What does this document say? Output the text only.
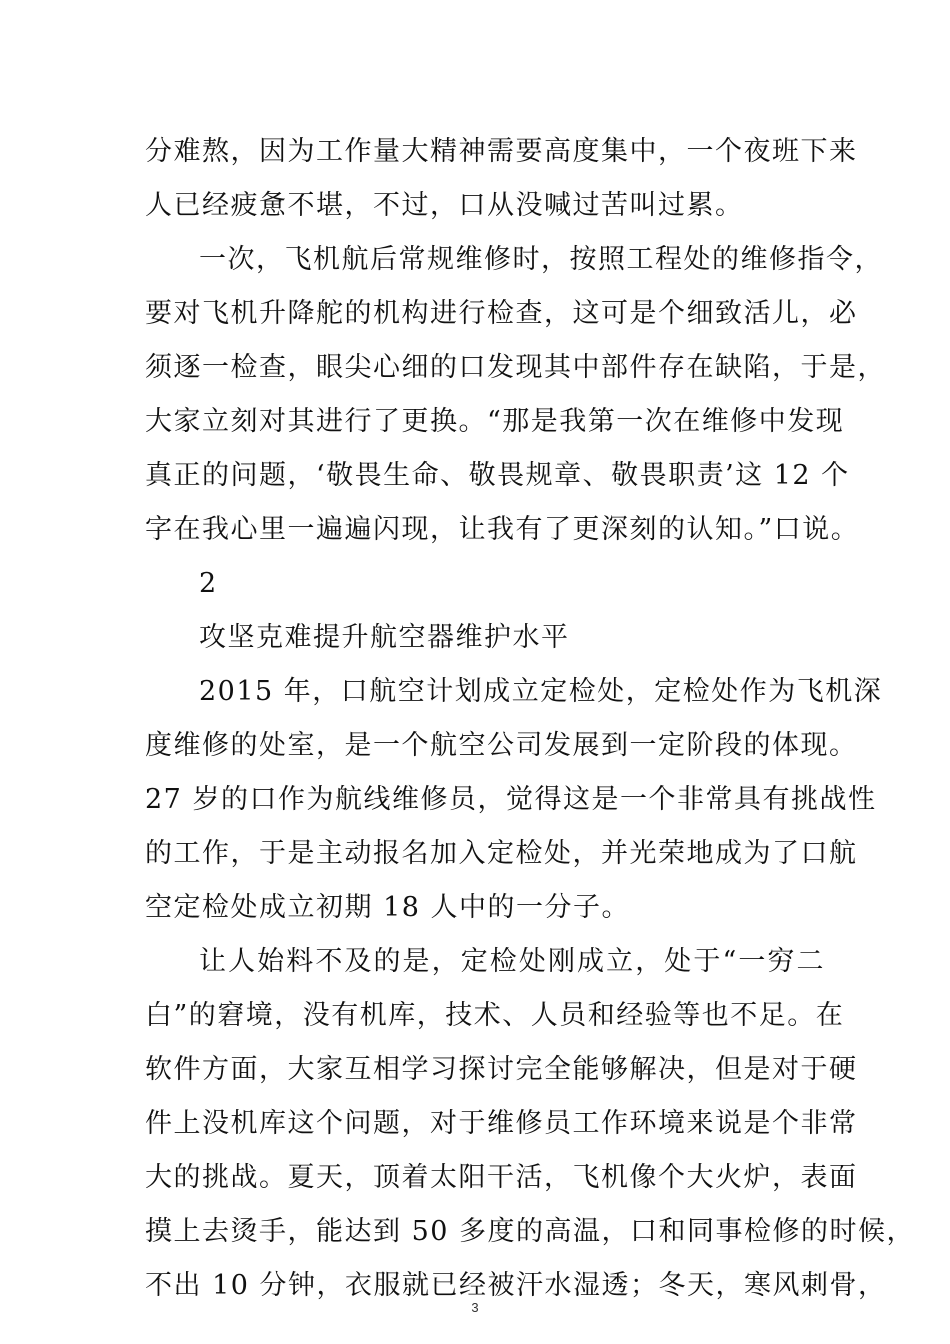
分难熬，因为工作量大精神需要高度集中，一个夜班下来
人已经疲惫不堪，不过，口从没喊过苦叫过累。
一次，飞机航后常规维修时，按照工程处的维修指令，
要对飞机升降舵的机构进行检查，这可是个细致活儿，必
须逐一检查，眼尖心细的口发现其中部件存在缺陷，于是，
大家立刻对其进行了更换。“那是我第一次在维修中发现
真正的问题，‘敬畏生命、敬畏规章、敬畏职责’这 12 个
字在我心里一遍遍闪现，让我有了更深刻的认知。”口说。
2
攻坚克难提升航空器维护水平
2015 年，口航空计划成立定检处，定检处作为飞机深
度维修的处室，是一个航空公司发展到一定阶段的体现。
27 岁的口作为航线维修员，觉得这是一个非常具有挑战性
的工作，于是主动报名加入定检处，并光荣地成为了口航
空定检处成立初期 18 人中的一分子。
让人始料不及的是，定检处刚成立，处于“一穷二
白”的窘境，没有机库，技术、人员和经验等也不足。在
软件方面，大家互相学习探讨完全能够解决，但是对于硬
件上没机库这个问题，对于维修员工作环境来说是个非常
大的挑战。夏天，顶着太阳干活，飞机像个大火炉，表面
摸上去烫手，能达到 50 多度的高温，口和同事检修的时候，
不出 10 分钟，衣服就已经被汗水湿透；冬天，寒风刺骨，
3
